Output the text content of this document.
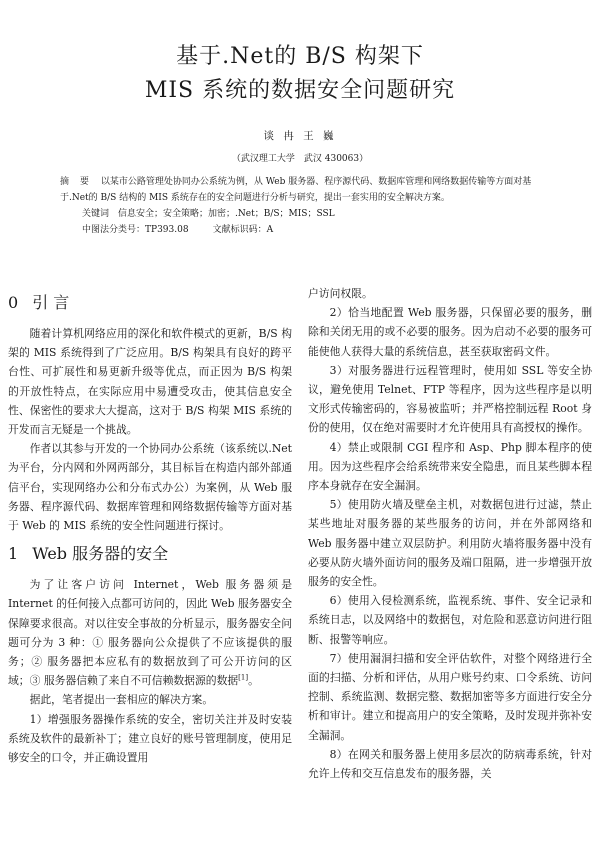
基于.Net的 B/S 构架下
MIS 系统的数据安全问题研究
谈 冉 王 巍
（武汉理工大学　武汉 430063）
摘 要 以某市公路管理处协同办公系统为例，从 Web 服务器、程序源代码、数据库管理和网络数据传输等方面对基于.Net的 B/S 结构的 MIS 系统存在的安全问题进行分析与研究，提出一套实用的安全解决方案。
关键词　 信息安全；安全策略；加密；.Net；B/S；MIS；SSL
中图法分类号：TP393.08	文献标识码：A
0 引 言

随着计算机网络应用的深化和软件模式的更新，B/S 构架的 MIS 系统得到了广泛应用。B/S 构架具有良好的跨平台性、可扩展性和易更新升级等优点，而正因为 B/S 构架的开放性特点，在实际应用中易遭受攻击，使其信息安全性、保密性的要求大大提高，这对于 B/S 构架 MIS 系统的开发而言无疑是一个挑战。

作者以其参与开发的一个协同办公系统（该系统以.Net 为平台，分内网和外网两部分，其目标旨在构造内部外部通信平台，实现网络办公和分布式办公）为案例，从 Web 服务器、程序源代码、数据库管理和网络数据传输等方面对基于 Web 的 MIS 系统的安全性问题进行探讨。

1 Web 服务器的安全

为了让客户访问 Internet，Web 服务器须是 Internet 的任何接入点都可访问的，因此 Web 服务器安全保障要求很高。对以往安全事故的分析显示，服务器安全问题可分为 3 种：① 服务器向公众提供了不应该提供的服务；② 服务器把本应私有的数据放到了可公开访问的区域；③ 服务器信赖了来自不可信赖数据源的数据[1]。

据此，笔者提出一套相应的解决方案。

1）增强服务器操作系统的安全，密切关注并及时安装系统及软件的最新补丁；建立良好的账号管理制度，使用足够安全的口令，并正确设置用

户访问权限。

2）恰当地配置 Web 服务器，只保留必要的服务，删除和关闭无用的或不必要的服务。因为启动不必要的服务可能使他人获得大量的系统信息，甚至获取密码文件。

3）对服务器进行远程管理时，使用如 SSL 等安全协议，避免使用 Telnet、FTP 等程序，因为这些程序是以明文形式传输密码的，容易被监听；并严格控制远程 Root 身份的使用，仅在绝对需要时才允许使用具有高授权的操作。

4）禁止或限制 CGI 程序和 Asp、Php 脚本程序的使用。因为这些程序会给系统带来安全隐患，而且某些脚本程序本身就存在安全漏洞。

5）使用防火墙及壁垒主机，对数据包进行过滤，禁止某些地址对服务器的某些服务的访问，并在外部网络和 Web 服务器中建立双层防护。利用防火墙将服务器中没有必要从防火墙外面访问的服务及端口阻隔，进一步增强开放服务的安全性。

6）使用入侵检测系统，监视系统、事件、安全记录和系统日志，以及网络中的数据包，对危险和恶意访问进行阻断、报警等响应。

7）使用漏洞扫描和安全评估软件，对整个网络进行全面的扫描、分析和评估，从用户账号约束、口令系统、访问控制、系统监测、数据完整、数据加密等多方面进行安全分析和审计。建立和提高用户的安全策略，及时发现并弥补安全漏洞。

8）在网关和服务器上使用多层次的防病毒系统，针对允许上传和交互信息发布的服务器，关
